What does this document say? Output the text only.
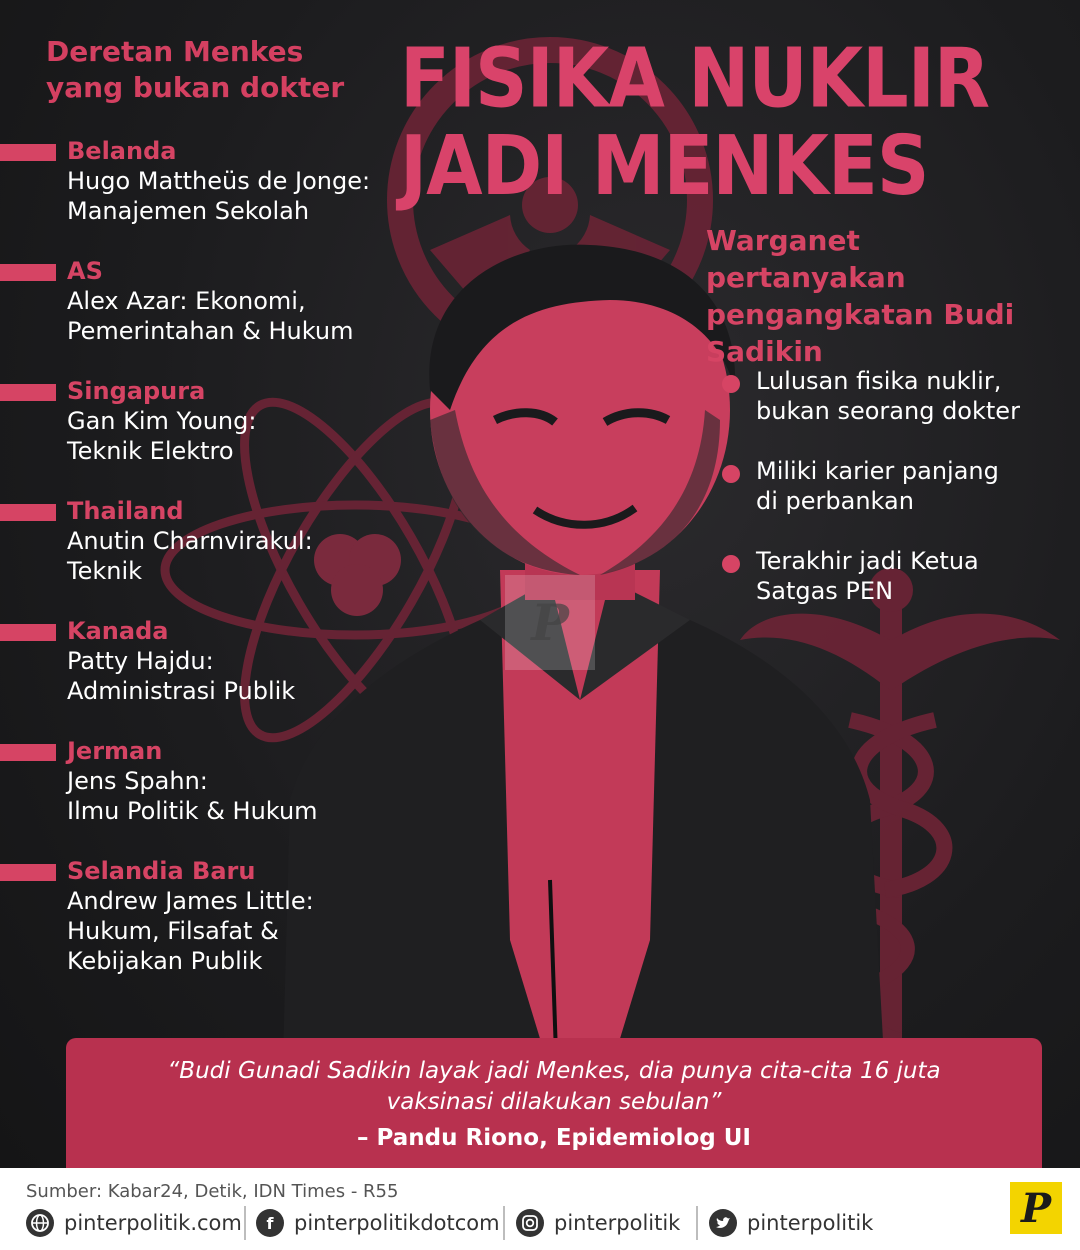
P
Deretan Menkes yang bukan dokter
Belanda
Hugo Mattheüs de Jonge:
Manajemen Sekolah
AS
Alex Azar: Ekonomi,
Pemerintahan & Hukum
Singapura
Gan Kim Young:
Teknik Elektro
Thailand
Anutin Charnvirakul:
Teknik
Kanada
Patty Hajdu:
Administrasi Publik
Jerman
Jens Spahn:
Ilmu Politik & Hukum
Selandia Baru
Andrew James Little:
Hukum, Filsafat &
Kebijakan Publik
FISIKA NUKLIR
JADI MENKES
Warganet pertanyakan pengangkatan Budi Sadikin
Lulusan fisika nuklir,
bukan seorang dokter
Miliki karier panjang
di perbankan
Terakhir jadi Ketua
Satgas PEN
“Budi Gunadi Sadikin layak jadi Menkes, dia punya cita-cita 16 juta
vaksinasi dilakukan sebulan”
– Pandu Riono, Epidemiolog UI
Sumber: Kabar24, Detik, IDN Times - R55
pinterpolitik.com	f pinterpolitikdotcom	pinterpolitik	pinterpolitik	P
